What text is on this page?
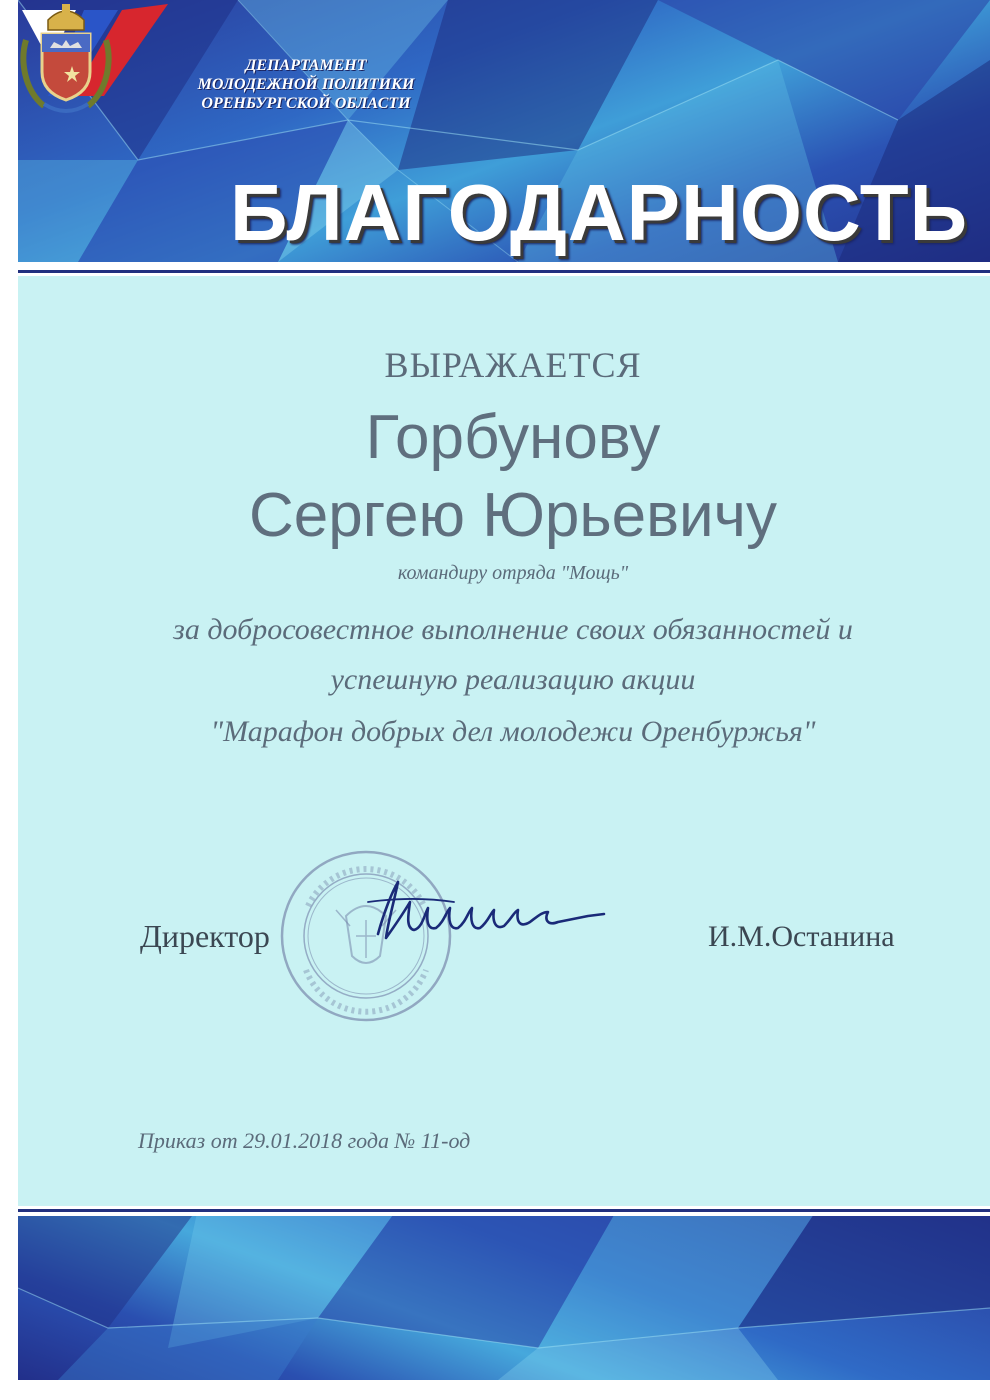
ДЕПАРТАМЕНТ
МОЛОДЕЖНОЙ ПОЛИТИКИ
ОРЕНБУРГСКОЙ ОБЛАСТИ

БЛАГОДАРНОСТЬ

ВЫРАЖАЕТСЯ

Горбунову

Сергею Юрьевичу

командиру отряда "Мощь"

за добросовестное выполнение своих обязанностей и

успешную реализацию акции

"Марафон добрых дел молодежи Оренбуржья"

Директор	И.М.Останина

Приказ от 29.01.2018 года № 11-од
